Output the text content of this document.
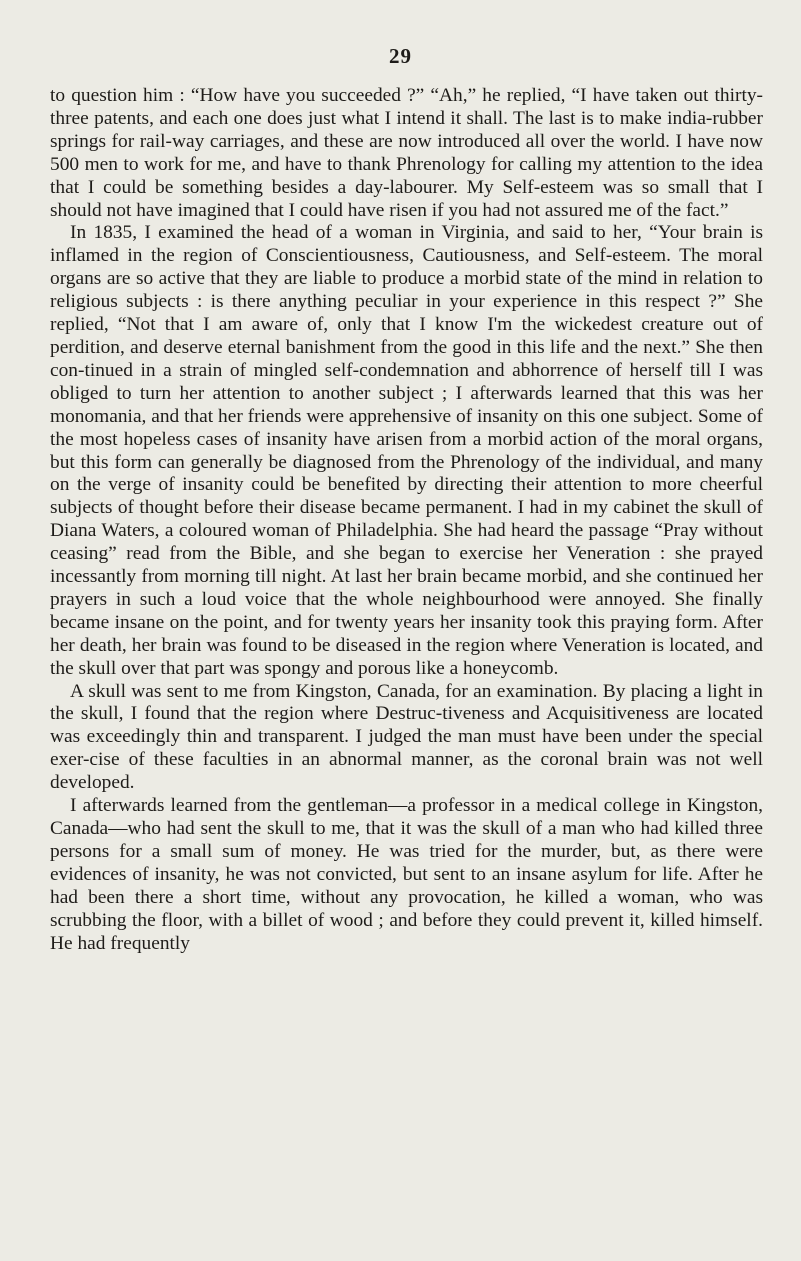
29

to question him : “How have you succeeded ?” “Ah,” he replied, “I have taken out thirty-three patents, and each one does just what I intend it shall. The last is to make india-rubber springs for rail-way carriages, and these are now introduced all over the world. I have now 500 men to work for me, and have to thank Phrenology for calling my attention to the idea that I could be something besides a day-labourer. My Self-esteem was so small that I should not have imagined that I could have risen if you had not assured me of the fact.”

In 1835, I examined the head of a woman in Virginia, and said to her, “Your brain is inflamed in the region of Conscientiousness, Cautiousness, and Self-esteem. The moral organs are so active that they are liable to produce a morbid state of the mind in relation to religious subjects : is there anything peculiar in your experience in this respect ?” She replied, “Not that I am aware of, only that I know I'm the wickedest creature out of perdition, and deserve eternal banishment from the good in this life and the next.” She then con-tinued in a strain of mingled self-condemnation and abhorrence of herself till I was obliged to turn her attention to another subject ; I afterwards learned that this was her monomania, and that her friends were apprehensive of insanity on this one subject. Some of the most hopeless cases of insanity have arisen from a morbid action of the moral organs, but this form can generally be diagnosed from the Phrenology of the individual, and many on the verge of insanity could be benefited by directing their attention to more cheerful subjects of thought before their disease became permanent. I had in my cabinet the skull of Diana Waters, a coloured woman of Philadelphia. She had heard the passage “Pray without ceasing” read from the Bible, and she began to exercise her Veneration : she prayed incessantly from morning till night. At last her brain became morbid, and she continued her prayers in such a loud voice that the whole neighbourhood were annoyed. She finally became insane on the point, and for twenty years her insanity took this praying form. After her death, her brain was found to be diseased in the region where Veneration is located, and the skull over that part was spongy and porous like a honeycomb.

A skull was sent to me from Kingston, Canada, for an examination. By placing a light in the skull, I found that the region where Destruc-tiveness and Acquisitiveness are located was exceedingly thin and transparent. I judged the man must have been under the special exer-cise of these faculties in an abnormal manner, as the coronal brain was not well developed.

I afterwards learned from the gentleman—a professor in a medical college in Kingston, Canada—who had sent the skull to me, that it was the skull of a man who had killed three persons for a small sum of money. He was tried for the murder, but, as there were evidences of insanity, he was not convicted, but sent to an insane asylum for life. After he had been there a short time, without any provocation, he killed a woman, who was scrubbing the floor, with a billet of wood ; and before they could prevent it, killed himself. He had frequently
